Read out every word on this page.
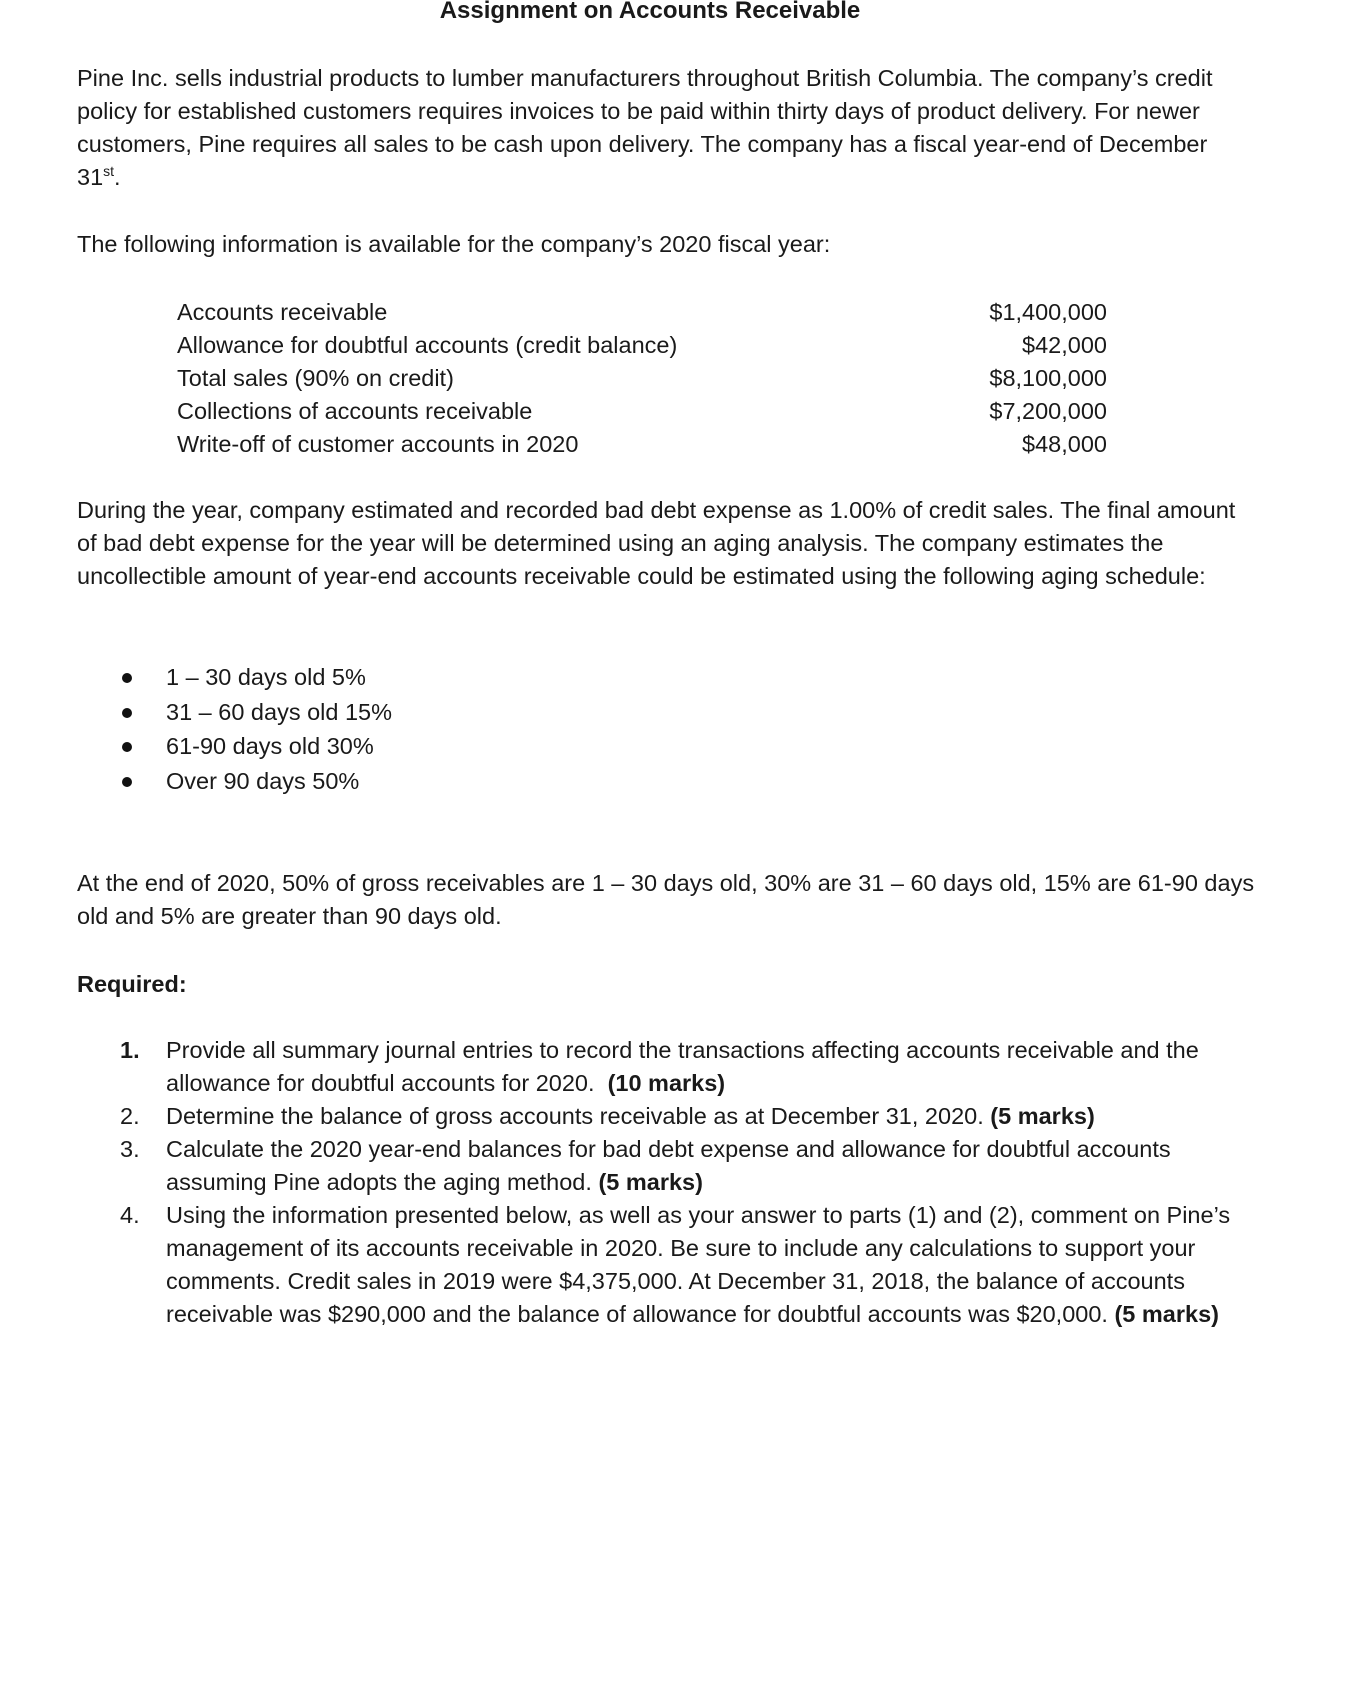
Assignment on Accounts Receivable

Pine Inc. sells industrial products to lumber manufacturers throughout British Columbia. The company’s credit policy for established customers requires invoices to be paid within thirty days of product delivery. For newer customers, Pine requires all sales to be cash upon delivery. The company has a fiscal year-end of December 31st.

The following information is available for the company’s 2020 fiscal year:

Accounts receivable	$1,400,000
Allowance for doubtful accounts (credit balance)	$42,000
Total sales (90% on credit)	$8,100,000
Collections of accounts receivable	$7,200,000
Write-off of customer accounts in 2020	$48,000

During the year, company estimated and recorded bad debt expense as 1.00% of credit sales. The final amount of bad debt expense for the year will be determined using an aging analysis. The company estimates the uncollectible amount of year-end accounts receivable could be estimated using the following aging schedule:

1 – 30 days old 5%
31 – 60 days old 15%
61-90 days old 30%
Over 90 days 50%

At the end of 2020, 50% of gross receivables are 1 – 30 days old, 30% are 31 – 60 days old, 15% are 61-90 days old and 5% are greater than 90 days old.

Required:
1. Provide all summary journal entries to record the transactions affecting accounts receivable and the allowance for doubtful accounts for 2020. (10 marks)
2. Determine the balance of gross accounts receivable as at December 31, 2020. (5 marks)
3. Calculate the 2020 year-end balances for bad debt expense and allowance for doubtful accounts assuming Pine adopts the aging method. (5 marks)
4. Using the information presented below, as well as your answer to parts (1) and (2), comment on Pine’s management of its accounts receivable in 2020. Be sure to include any calculations to support your comments. Credit sales in 2019 were $4,375,000. At December 31, 2018, the balance of accounts receivable was $290,000 and the balance of allowance for doubtful accounts was $20,000. (5 marks)
